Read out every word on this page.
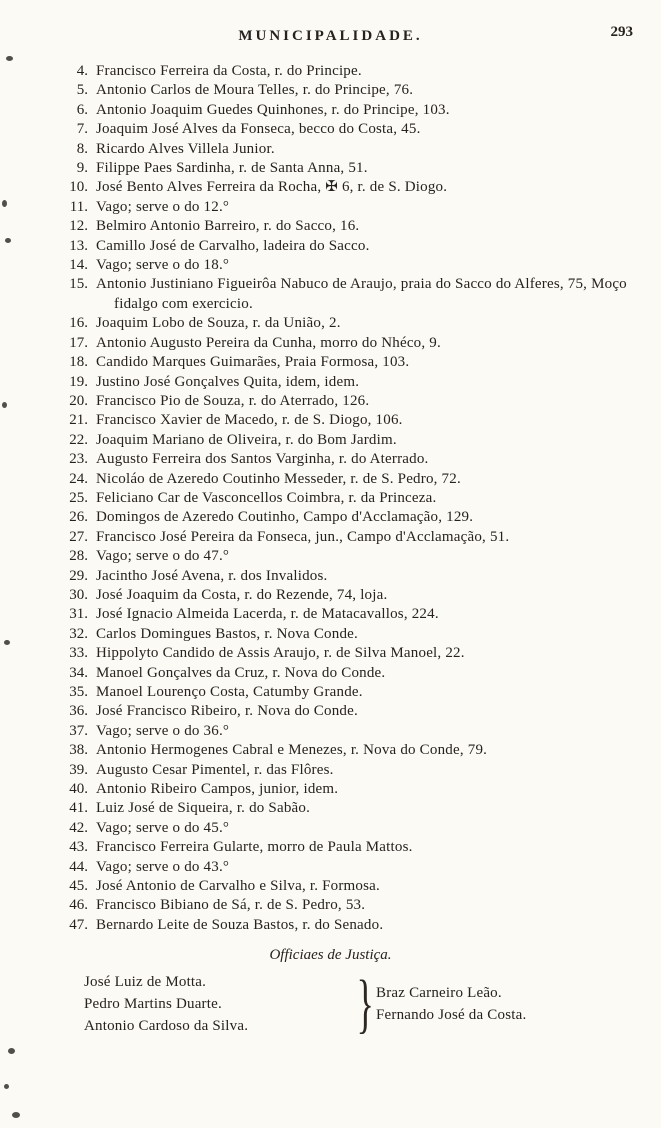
MUNICIPALIDADE.	293
4. Francisco Ferreira da Costa, r. do Principe.
5. Antonio Carlos de Moura Telles, r. do Principe, 76.
6. Antonio Joaquim Guedes Quinhones, r. do Principe, 103.
7. Joaquim José Alves da Fonseca, becco do Costa, 45.
8. Ricardo Alves Villela Junior.
9. Filippe Paes Sardinha, r. de Santa Anna, 51.
10. José Bento Alves Ferreira da Rocha, ✠ 6, r. de S. Diogo.
11. Vago; serve o do 12.°
12. Belmiro Antonio Barreiro, r. do Sacco, 16.
13. Camillo José de Carvalho, ladeira do Sacco.
14. Vago; serve o do 18.°
15. Antonio Justiniano Figueirôa Nabuco de Araujo, praia do Sacco do Alferes, 75, Moço fidalgo com exercicio.
16. Joaquim Lobo de Souza, r. da União, 2.
17. Antonio Augusto Pereira da Cunha, morro do Nhéco, 9.
18. Candido Marques Guimarães, Praia Formosa, 103.
19. Justino José Gonçalves Quita, idem, idem.
20. Francisco Pio de Souza, r. do Aterrado, 126.
21. Francisco Xavier de Macedo, r. de S. Diogo, 106.
22. Joaquim Mariano de Oliveira, r. do Bom Jardim.
23. Augusto Ferreira dos Santos Varginha, r. do Aterrado.
24. Nicoláo de Azeredo Coutinho Messeder, r. de S. Pedro, 72.
25. Feliciano Car de Vasconcellos Coimbra, r. da Princeza.
26. Domingos de Azeredo Coutinho, Campo d'Acclamação, 129.
27. Francisco José Pereira da Fonseca, jun., Campo d'Acclamação, 51.
28. Vago; serve o do 47.°
29. Jacintho José Avena, r. dos Invalidos.
30. José Joaquim da Costa, r. do Rezende, 74, loja.
31. José Ignacio Almeida Lacerda, r. de Matacavallos, 224.
32. Carlos Domingues Bastos, r. Nova Conde.
33. Hippolyto Candido de Assis Araujo, r. de Silva Manoel, 22.
34. Manoel Gonçalves da Cruz, r. Nova do Conde.
35. Manoel Lourenço Costa, Catumby Grande.
36. José Francisco Ribeiro, r. Nova do Conde.
37. Vago; serve o do 36.°
38. Antonio Hermogenes Cabral e Menezes, r. Nova do Conde, 79.
39. Augusto Cesar Pimentel, r. das Flôres.
40. Antonio Ribeiro Campos, junior, idem.
41. Luiz José de Siqueira, r. do Sabão.
42. Vago; serve o do 45.°
43. Francisco Ferreira Gularte, morro de Paula Mattos.
44. Vago; serve o do 43.°
45. José Antonio de Carvalho e Silva, r. Formosa.
46. Francisco Bibiano de Sá, r. de S. Pedro, 53.
47. Bernardo Leite de Souza Bastos, r. do Senado.
Officiaes de Justiça.
José Luiz de Motta.
Pedro Martins Duarte.
Antonio Cardoso da Silva.	} Braz Carneiro Leão.
Fernando José da Costa.
